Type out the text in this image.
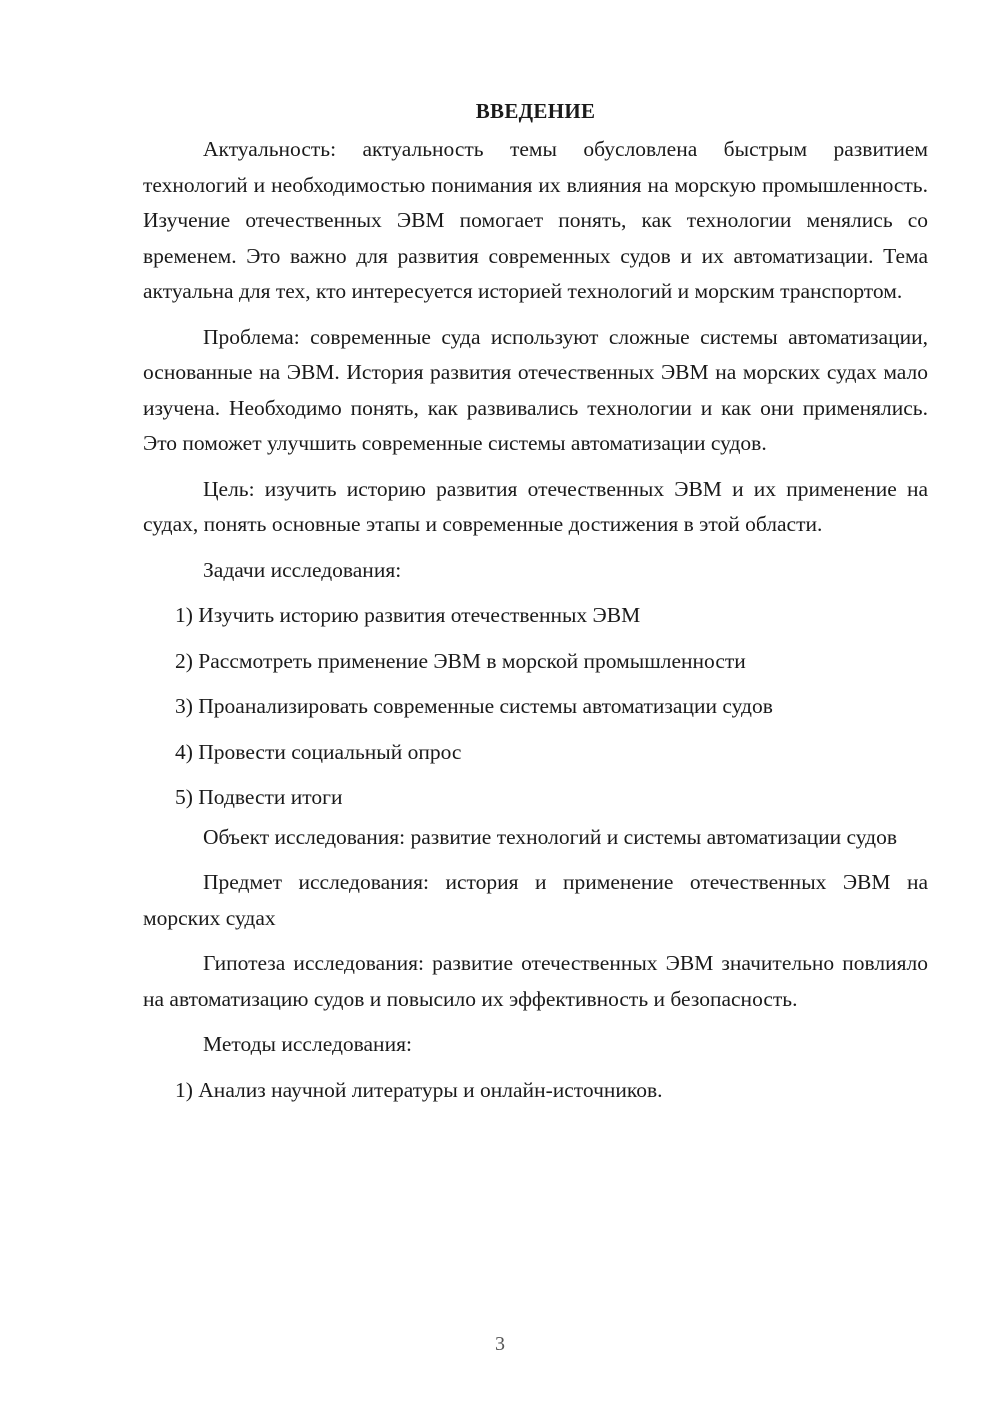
ВВЕДЕНИЕ

Актуальность: актуальность темы обусловлена быстрым развитием технологий и необходимостью понимания их влияния на морскую промышленность. Изучение отечественных ЭВМ помогает понять, как технологии менялись со временем. Это важно для развития современных судов и их автоматизации. Тема актуальна для тех, кто интересуется историей технологий и морским транспортом.

Проблема: современные суда используют сложные системы автоматизации, основанные на ЭВМ. История развития отечественных ЭВМ на морских судах мало изучена. Необходимо понять, как развивались технологии и как они применялись. Это поможет улучшить современные системы автоматизации судов.

Цель: изучить историю развития отечественных ЭВМ и их применение на судах, понять основные этапы и современные достижения в этой области.

Задачи исследования:

1) Изучить историю развития отечественных ЭВМ

2) Рассмотреть применение ЭВМ в морской промышленности

3) Проанализировать современные системы автоматизации судов

4) Провести социальный опрос

5) Подвести итоги

Объект исследования: развитие технологий и системы автоматизации судов

Предмет исследования: история и применение отечественных ЭВМ на морских судах

Гипотеза исследования: развитие отечественных ЭВМ значительно повлияло на автоматизацию судов и повысило их эффективность и безопасность.

Методы исследования:

1) Анализ научной литературы и онлайн-источников.

3
